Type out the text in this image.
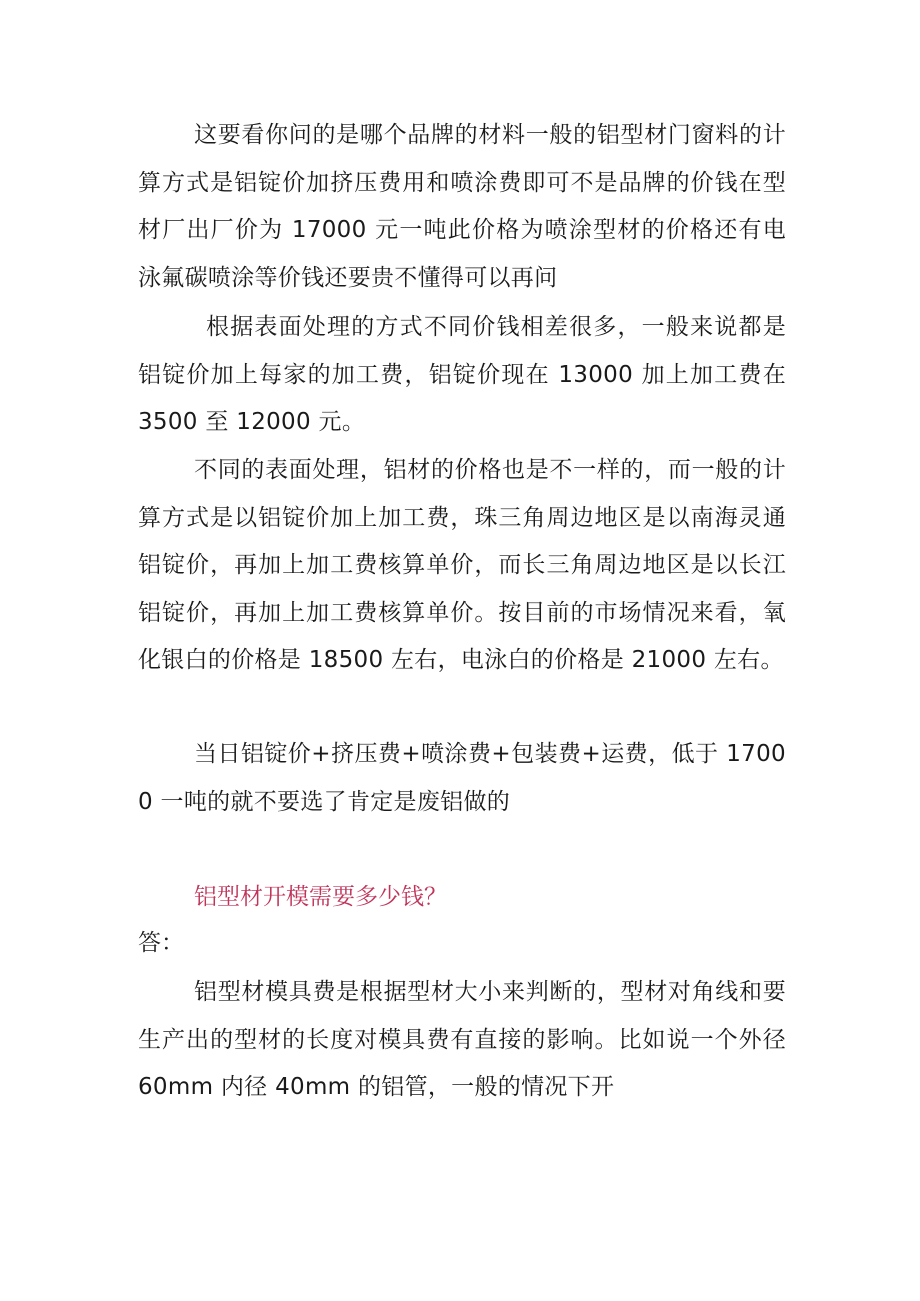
这要看你问的是哪个品牌的材料一般的铝型材门窗料的计算方式是铝锭价加挤压费用和喷涂费即可不是品牌的价钱在型材厂出厂价为 17000 元一吨此价格为喷涂型材的价格还有电泳氟碳喷涂等价钱还要贵不懂得可以再问

根据表面处理的方式不同价钱相差很多，一般来说都是铝锭价加上每家的加工费，铝锭价现在 13000 加上加工费在 3500 至 12000 元。

不同的表面处理，铝材的价格也是不一样的，而一般的计算方式是以铝锭价加上加工费，珠三角周边地区是以南海灵通铝锭价，再加上加工费核算单价，而长三角周边地区是以长江铝锭价，再加上加工费核算单价。按目前的市场情况来看，氧化银白的价格是 18500 左右，电泳白的价格是 21000 左右。

当日铝锭价+挤压费+喷涂费+包装费+运费，低于 17000 一吨的就不要选了肯定是废铝做的

铝型材开模需要多少钱？

答：

铝型材模具费是根据型材大小来判断的，型材对角线和要生产出的型材的长度对模具费有直接的影响。比如说一个外径 60mm 内径 40mm 的铝管，一般的情况下开
